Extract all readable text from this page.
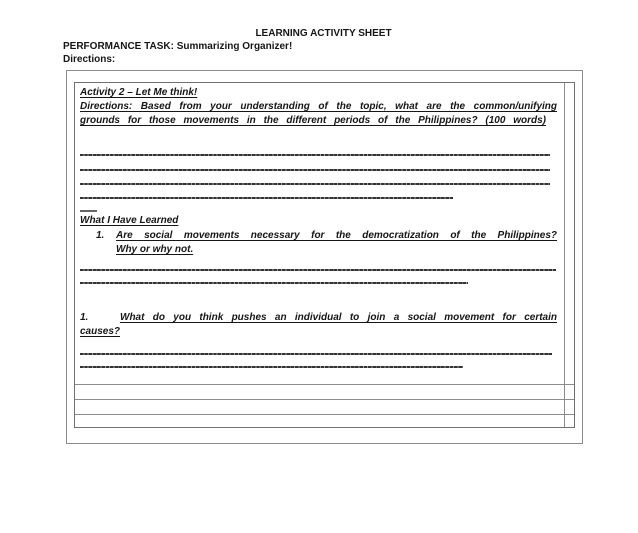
LEARNING ACTIVITY SHEET
PERFORMANCE TASK: Summarizing Organizer!
Directions:
Activity 2 – Let Me think!
Directions: Based from your understanding of the topic, what are the common/unifying
grounds for those movements in the different periods of the Philippines? (100 words)
What I Have Learned
1. Are social movements necessary for the democratization of the Philippines?
Why or why not.
1.	What do you think pushes an individual to join a social movement for certain
causes?
